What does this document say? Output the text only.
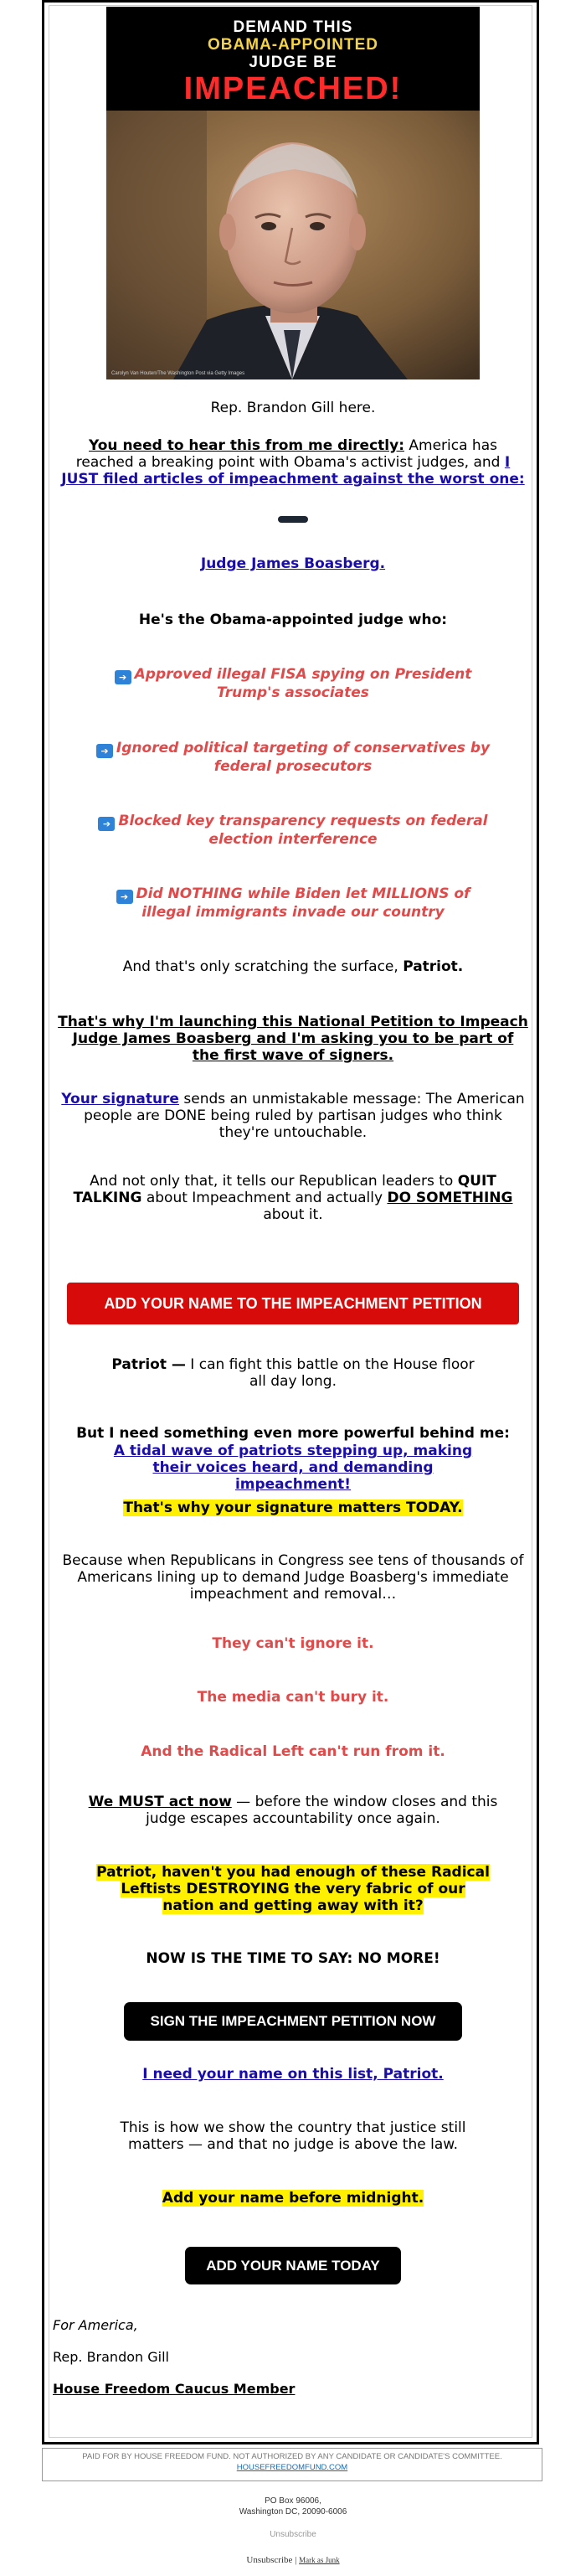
DEMAND THIS
OBAMA-APPOINTED
JUDGE BE
IMPEACHED!
Carolyn Van Houten/The Washington Post via Getty Images
Rep. Brandon Gill here.
You need to hear this from me directly: America has reached a breaking point with Obama's activist judges, and I JUST filed articles of impeachment against the worst one:
Judge James Boasberg.
He's the Obama-appointed judge who:
➔ Approved illegal FISA spying on President Trump's associates
➔ Ignored political targeting of conservatives by federal prosecutors
➔ Blocked key transparency requests on federal election interference
➔ Did NOTHING while Biden let MILLIONS of illegal immigrants invade our country
And that's only scratching the surface, Patriot.
That's why I'm launching this National Petition to Impeach Judge James Boasberg and I'm asking you to be part of the first wave of signers.
Your signature sends an unmistakable message: The American people are DONE being ruled by partisan judges who think they're untouchable.
And not only that, it tells our Republican leaders to QUIT TALKING about Impeachment and actually DO SOMETHING about it.
ADD YOUR NAME TO THE IMPEACHMENT PETITION
Patriot — I can fight this battle on the House floor all day long.
But I need something even more powerful behind me:
A tidal wave of patriots stepping up, making their voices heard, and demanding impeachment!
That's why your signature matters TODAY.
Because when Republicans in Congress see tens of thousands of Americans lining up to demand Judge Boasberg's immediate impeachment and removal…
They can't ignore it.
The media can't bury it.
And the Radical Left can't run from it.
We MUST act now — before the window closes and this judge escapes accountability once again.
Patriot, haven't you had enough of these Radical Leftists DESTROYING the very fabric of our nation and getting away with it?
NOW IS THE TIME TO SAY: NO MORE!
SIGN THE IMPEACHMENT PETITION NOW
I need your name on this list, Patriot.
This is how we show the country that justice still matters — and that no judge is above the law.
Add your name before midnight.
ADD YOUR NAME TODAY
For America,
Rep. Brandon Gill
House Freedom Caucus Member
PAID FOR BY HOUSE FREEDOM FUND. NOT AUTHORIZED BY ANY CANDIDATE OR CANDIDATE'S COMMITTEE.
HOUSEFREEDOMFUND.COM
PO Box 96006,
Washington DC, 20090-6006
Unsubscribe
Unsubscribe | Mark as Junk
